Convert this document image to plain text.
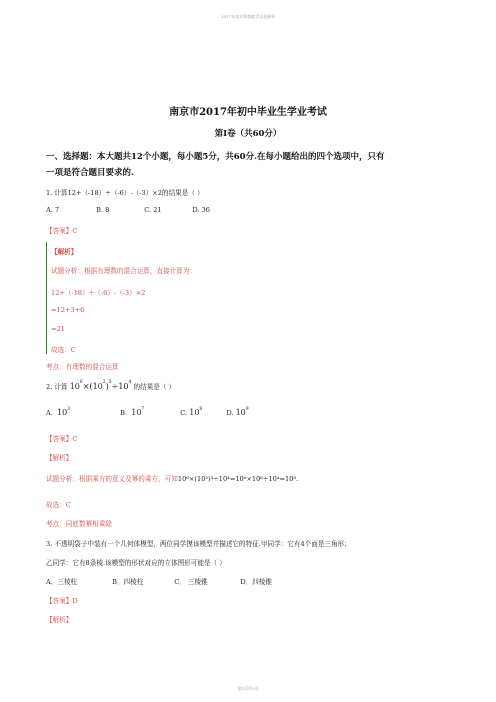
2017年南京调查数学试卷解析
南京市2017年初中毕业生学业考试
第Ⅰ卷（共60分）
一、选择题：本大题共12个小题，每小题5分，共60分.在每小题给出的四个选项中，只有
一项是符合题目要求的.
1. 计算12+（-18）÷（-6）-（-3）×2的结果是（ ）
A. 7	B. 8	C. 21	D. 36
【答案】C
【解析】
试题分析：根据有理数的混合运算，直接计算为：
12+（-18）÷（-6）-（-3）×2
=12+3+6
=21
故选：C
考点：有理数的混合运算
2. 计算 $10^6\times(10^2)^3\div 10^4$ 的结果是（ ）
A. $10^3$	B. $10^7$	C. $10^8$	D. $10^9$
【答案】C
【解析】
试题分析：根据乘方的意义及幂的乘方，可知10⁶×(10²)³÷10⁴=10⁶×10⁶÷10⁴=10⁸.
故选：C
考点：同底数幂相乘除
3. 不透明袋子中装有一个几何体模型，两位同学摸该模型并描述它的特征.甲同学：它有4个面是三角形；
乙同学：它有8条棱.该模型的形状对应的立体图形可能是（ ）
A．三棱柱	B．四棱柱	C． 三棱锥	D．四棱锥
【答案】D
【解析】
第1页共2页
